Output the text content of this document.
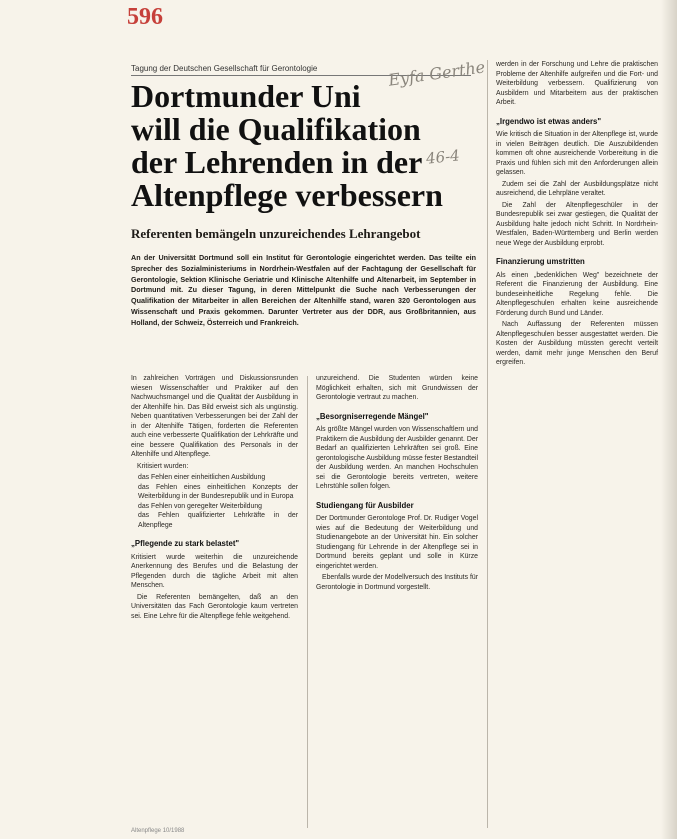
596
Tagung der Deutschen Gesellschaft für Gerontologie
Dortmunder Uni
will die Qualifikation
der Lehrenden in der
Altenpflege verbessern
Eyfa Gerthe
46-4
Referenten bemängeln unzureichendes Lehrangebot
An der Universität Dortmund soll ein Institut für Gerontologie eingerichtet werden. Das teilte ein Sprecher des Sozialministeriums in Nordrhein-Westfalen auf der Fachtagung der Gesellschaft für Gerontologie, Sektion Klinische Geriatrie und Klinische Altenhilfe und Altenarbeit, im September in Dortmund mit. Zu dieser Tagung, in deren Mittelpunkt die Suche nach Verbesserungen der Qualifikation der Mitarbeiter in allen Bereichen der Altenhilfe stand, waren 320 Gerontologen aus Wissenschaft und Praxis gekommen. Darunter Vertreter aus der DDR, aus Großbritannien, aus Holland, der Schweiz, Österreich und Frankreich.

In zahlreichen Vorträgen und Diskussionsrunden wiesen Wissenschaftler und Praktiker auf den Nachwuchsmangel und die Qualität der Ausbildung in der Altenhilfe hin. Das Bild erweist sich als ungünstig. Neben quantitativen Verbesserungen bei der Zahl der in der Altenhilfe Tätigen, forderten die Referenten auch eine verbesserte Qualifikation der Lehrkräfte und eine bessere Qualifikation des Personals in der Altenhilfe und Altenpflege.

Kritisiert wurden:

• das Fehlen einer einheitlichen Ausbildung
• das Fehlen eines einheitlichen Konzepts der Weiterbildung in der Bundesrepublik und in Europa
• das Fehlen von geregelter Weiterbildung
• das Fehlen qualifizierter Lehrkräfte in der Altenpflege

„Pflegende zu stark belastet"

Kritisiert wurde weiterhin die unzureichende Anerkennung des Berufes und die Belastung der Pflegenden durch die tägliche Arbeit mit alten Menschen.

Die Referenten bemängelten, daß an den Universitäten das Fach Gerontologie kaum vertreten sei. Eine Lehre für die Altenpflege fehle weitgehend.

unzureichend. Die Studenten würden keine Möglichkeit erhalten, sich mit Grundwissen der Gerontologie vertraut zu machen.

„Besorgniserregende Mängel"

Als größte Mängel wurden von Wissenschaftlern und Praktikern die Ausbildung der Ausbilder genannt. Der Bedarf an qualifizierten Lehrkräften sei groß. Eine gerontologische Ausbildung müsse fester Bestandteil der Ausbildung werden. An manchen Hochschulen sei die Gerontologie bereits vertreten, weitere Lehrstühle sollen folgen.

Studiengang für Ausbilder

Der Dortmunder Gerontologe Prof. Dr. Rudiger Vogel wies auf die Bedeutung der Weiterbildung und Studienangebote an der Universität hin. Ein solcher Studiengang für Lehrende in der Altenpflege sei in Dortmund bereits geplant und solle in Kürze eingerichtet werden.

Ebenfalls wurde der Modellversuch des Instituts für Gerontologie in Dortmund vorgestellt.

werden in der Forschung und Lehre die praktischen Probleme der Altenhilfe aufgreifen und die Fort- und Weiterbildung verbessern. Qualifizierung von Ausbildern und Mitarbeitern aus der praktischen Arbeit.

„Irgendwo ist etwas anders"

Wie kritisch die Situation in der Altenpflege ist, wurde in vielen Beiträgen deutlich. Die Auszubildenden kommen oft ohne ausreichende Vorbereitung in die Praxis und fühlen sich mit den Anforderungen allein gelassen.

Zudem sei die Zahl der Ausbildungsplätze nicht ausreichend, die Lehrpläne veraltet.

Die Zahl der Altenpflegeschüler in der Bundesrepublik sei zwar gestiegen, die Qualität der Ausbildung halte jedoch nicht Schritt. In Nordrhein-Westfalen, Baden-Württemberg und Berlin werden neue Wege der Ausbildung erprobt.

Finanzierung umstritten

Als einen „bedenklichen Weg" bezeichnete der Referent die Finanzierung der Ausbildung. Eine bundeseinheitliche Regelung fehle. Die Altenpflegeschulen erhalten keine ausreichende Förderung durch Bund und Länder.

Nach Auffassung der Referenten müssen Altenpflegeschulen besser ausgestattet werden. Die Kosten der Ausbildung müssten gerecht verteilt werden, damit mehr junge Menschen den Beruf ergreifen.

Altenpflege 10/1988
